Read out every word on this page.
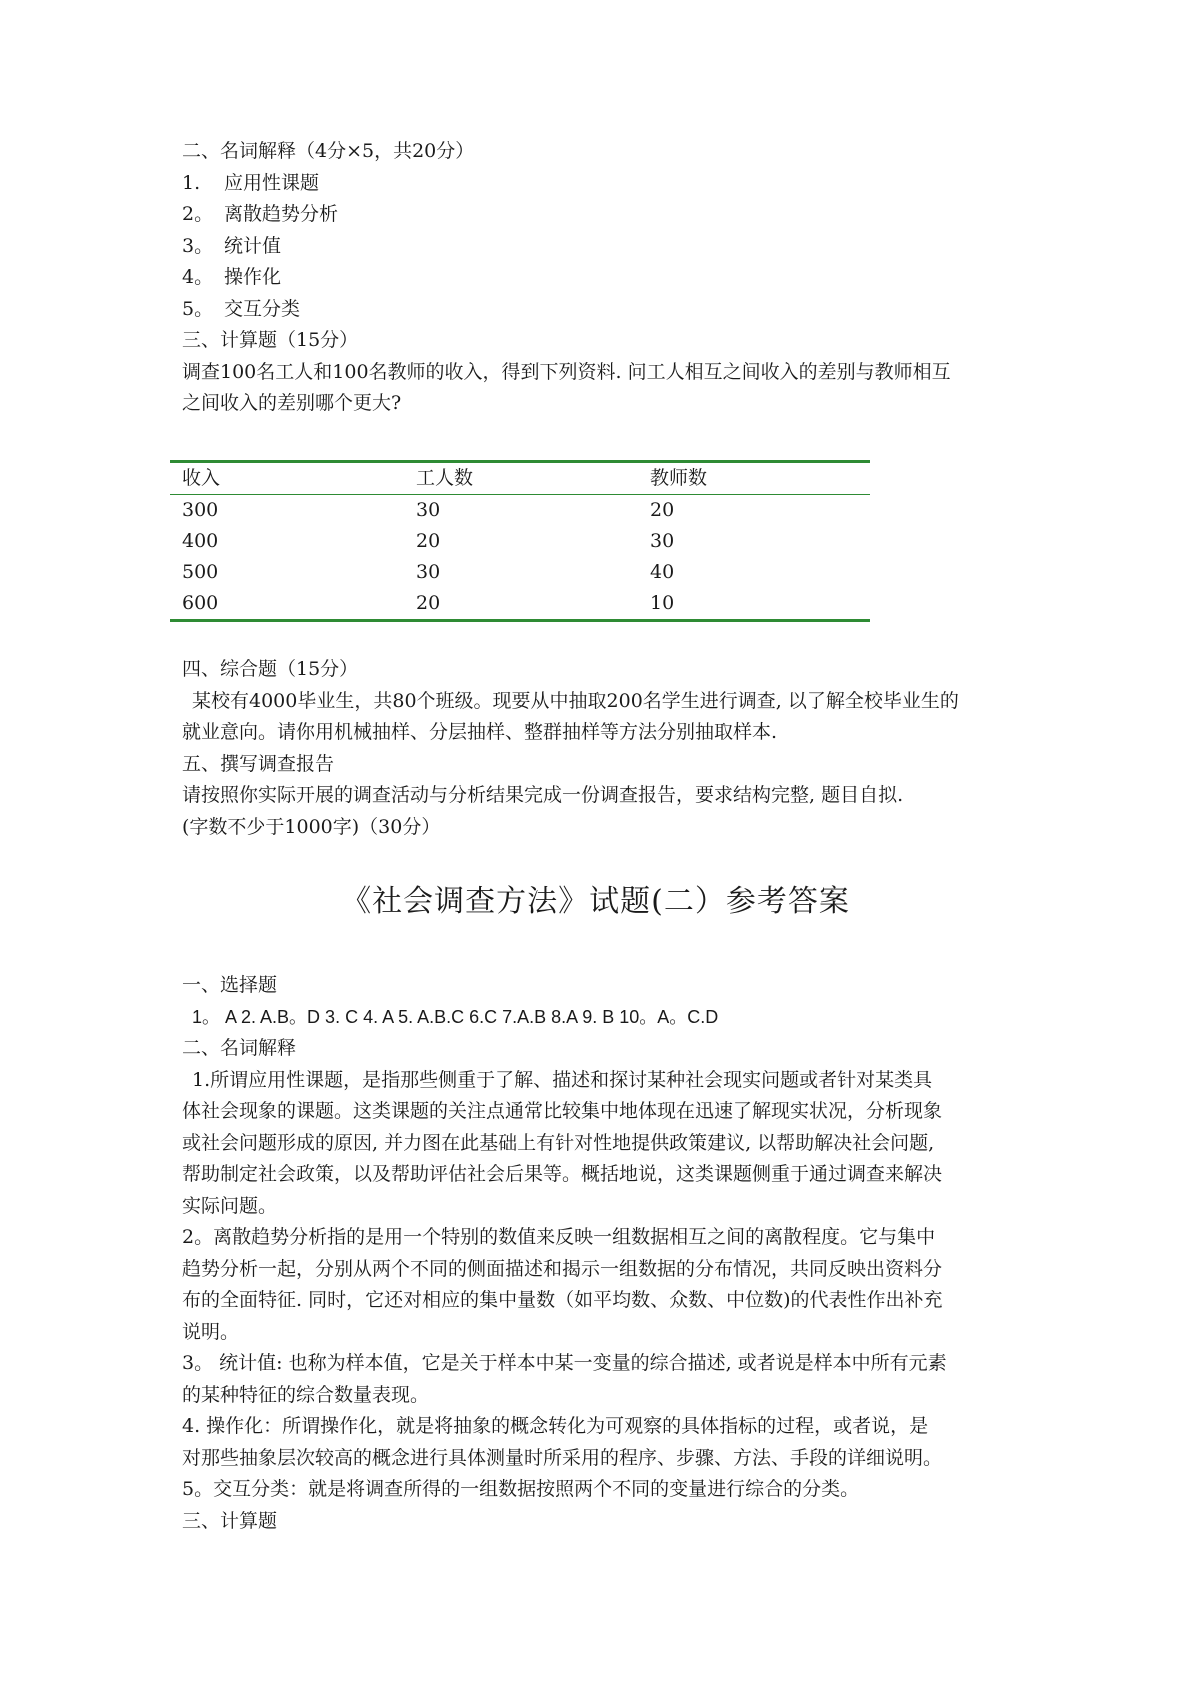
二、名词解释（4分×5，共20分）
1. 应用性课题
2。 离散趋势分析
3。 统计值
4。 操作化
5。 交互分类
三、计算题（15分）
调查100名工人和100名教师的收入，得到下列资料. 问工人相互之间收入的差别与教师相互
之间收入的差别哪个更大?
收入	工人数	教师数
300	30	20
400	20	30
500	30	40
600	20	10
四、综合题（15分）
某校有4000毕业生，共80个班级。现要从中抽取200名学生进行调查, 以了解全校毕业生的
就业意向。请你用机械抽样、分层抽样、整群抽样等方法分别抽取样本.
五、撰写调查报告
请按照你实际开展的调查活动与分析结果完成一份调查报告，要求结构完整, 题目自拟.
(字数不少于1000字)（30分）
《社会调查方法》试题(二）参考答案
一、选择题
1。 A 2. A.B。D 3. C 4. A 5. A.B.C 6.C 7.A.B 8.A 9. B 10。A。C.D
二、名词解释
1.所谓应用性课题，是指那些侧重于了解、描述和探讨某种社会现实问题或者针对某类具
体社会现象的课题。这类课题的关注点通常比较集中地体现在迅速了解现实状况，分析现象
或社会问题形成的原因, 并力图在此基础上有针对性地提供政策建议, 以帮助解决社会问题,
帮助制定社会政策，以及帮助评估社会后果等。概括地说，这类课题侧重于通过调查来解决
实际问题。
2。离散趋势分析指的是用一个特别的数值来反映一组数据相互之间的离散程度。它与集中
趋势分析一起，分别从两个不同的侧面描述和揭示一组数据的分布情况，共同反映出资料分
布的全面特征. 同时，它还对相应的集中量数（如平均数、众数、中位数)的代表性作出补充
说明。
3。 统计值: 也称为样本值，它是关于样本中某一变量的综合描述, 或者说是样本中所有元素
的某种特征的综合数量表现。
4. 操作化：所谓操作化，就是将抽象的概念转化为可观察的具体指标的过程，或者说，是
对那些抽象层次较高的概念进行具体测量时所采用的程序、步骤、方法、手段的详细说明。
5。交互分类：就是将调查所得的一组数据按照两个不同的变量进行综合的分类。
三、计算题
